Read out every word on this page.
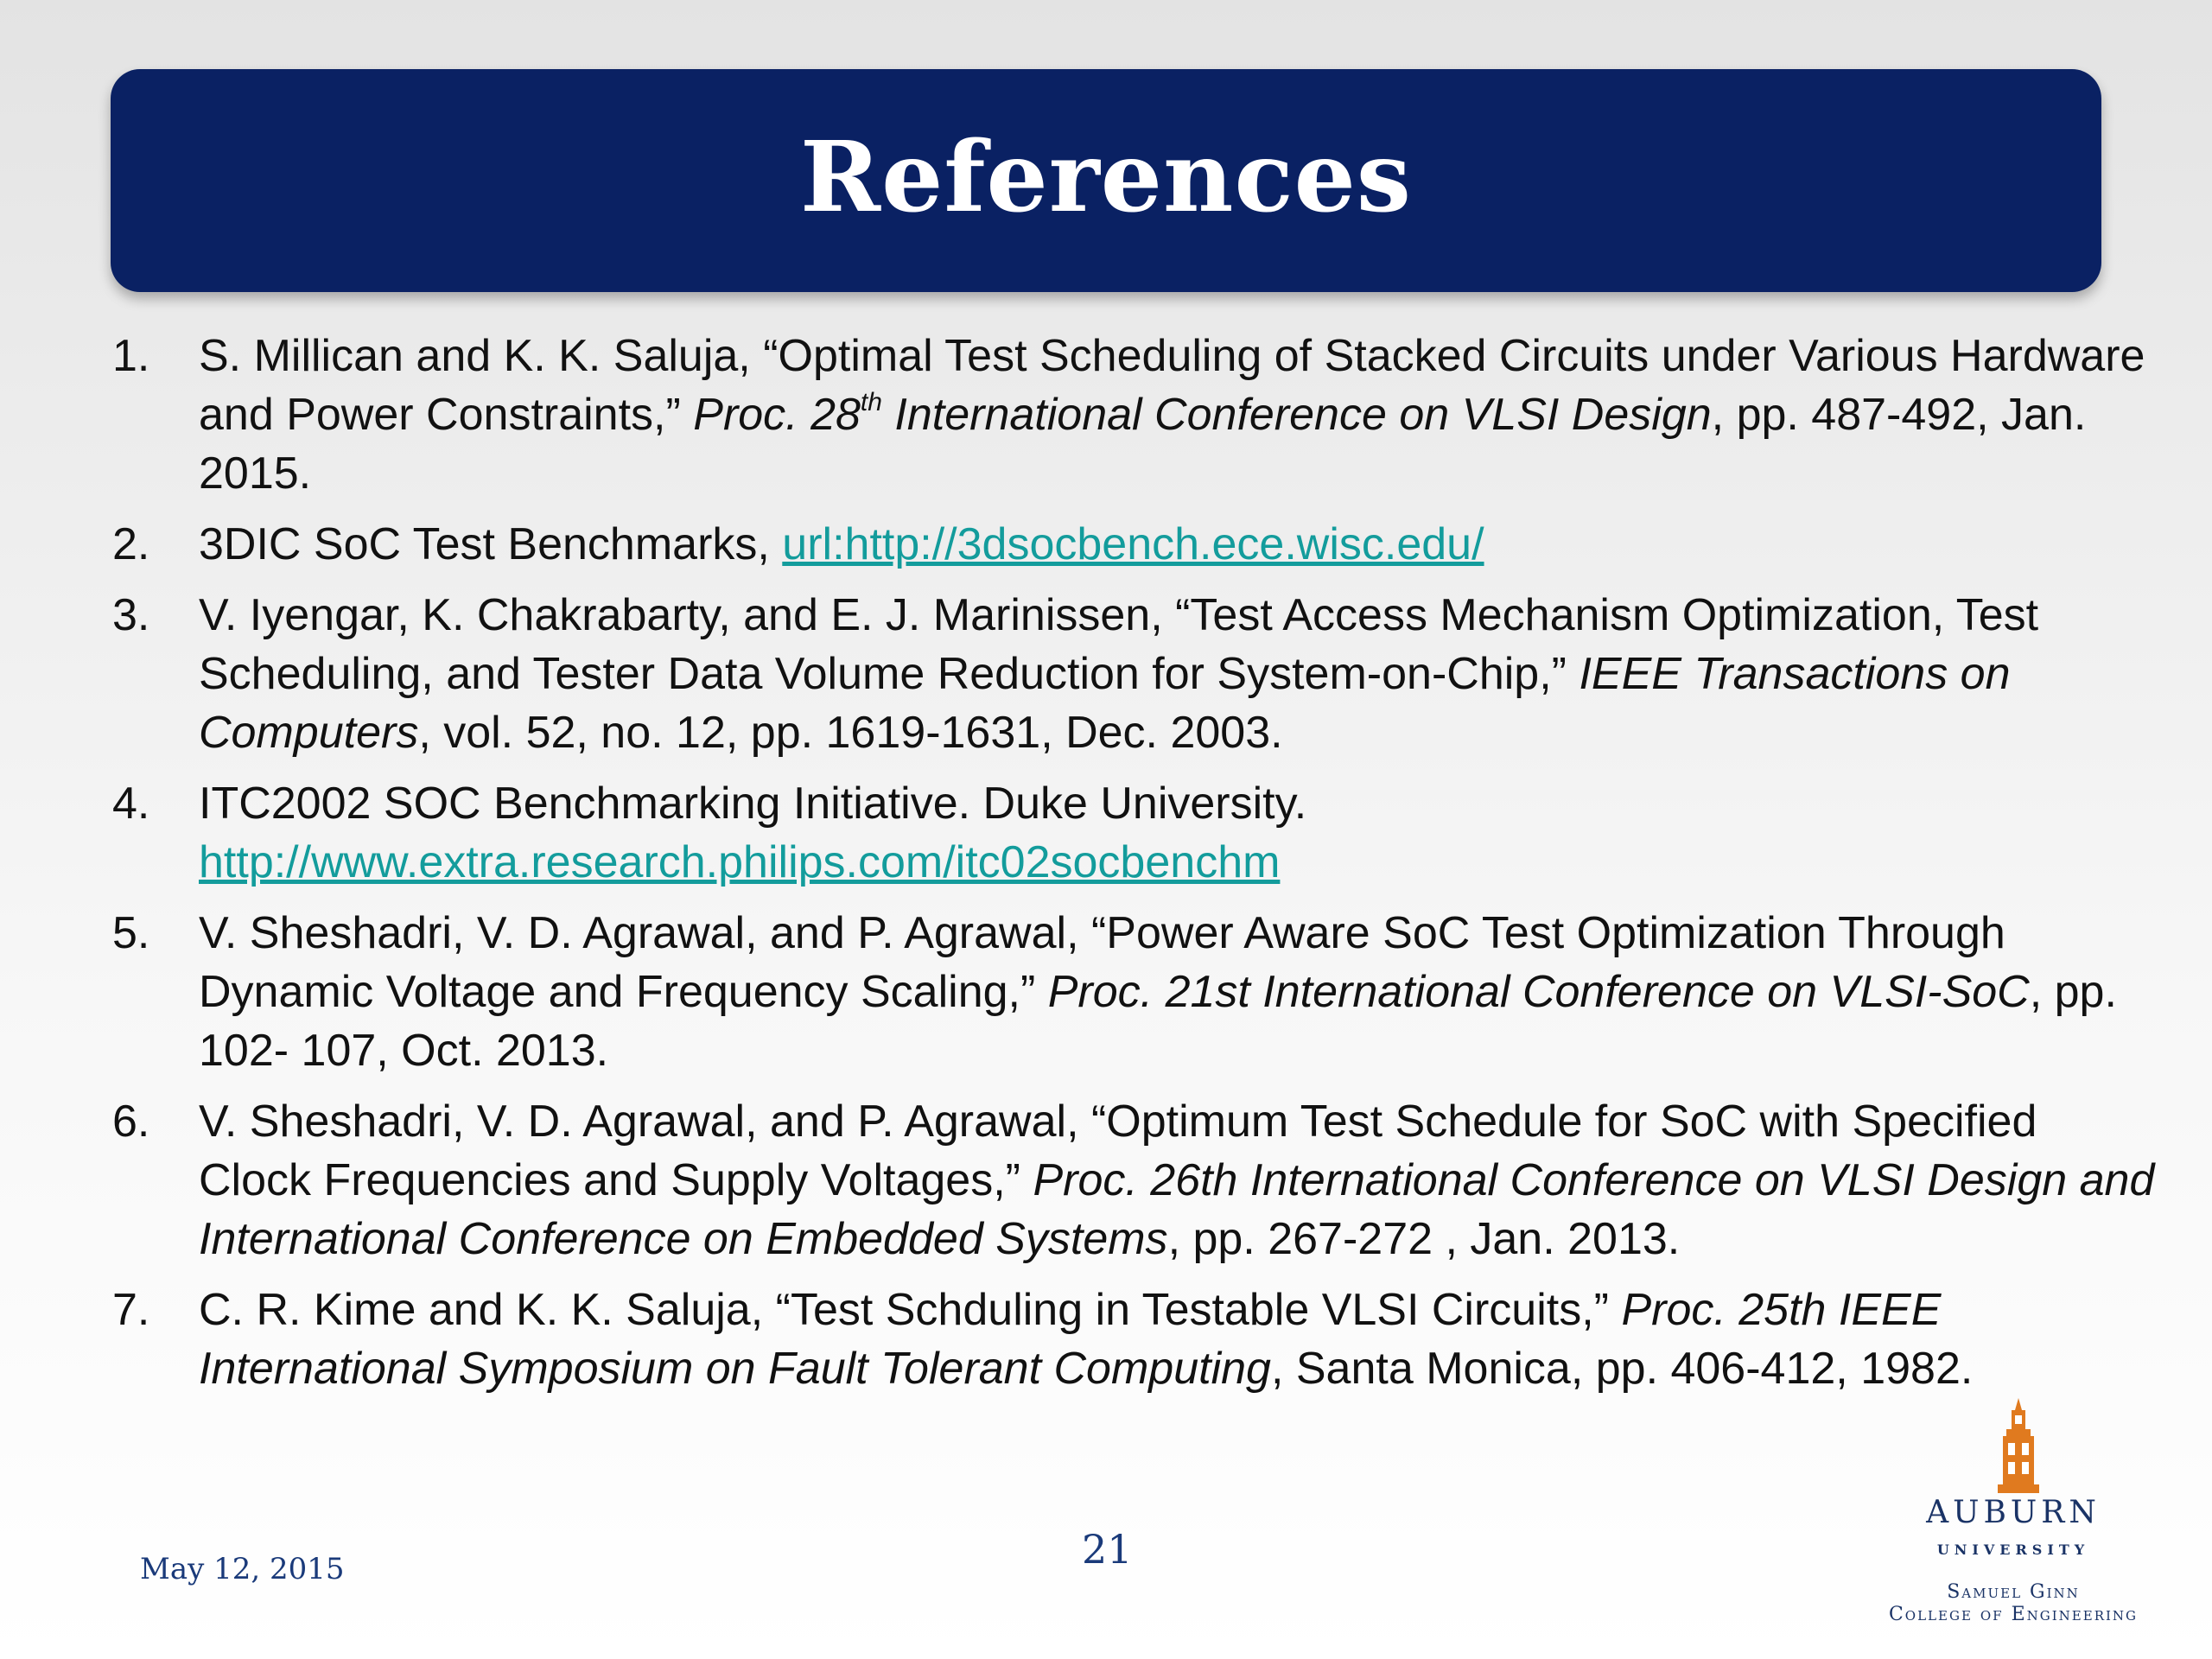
References
1.	S. Millican and K. K. Saluja, “Optimal Test Scheduling of Stacked Circuits under Various Hardware and Power Constraints,” Proc. 28th International Conference on VLSI Design, pp. 487-492, Jan. 2015.
2.	3DIC SoC Test Benchmarks, url:http://3dsocbench.ece.wisc.edu/
3.	V. Iyengar, K. Chakrabarty, and E. J. Marinissen, “Test Access Mechanism Optimization, Test Scheduling, and Tester Data Volume Reduction for System-on-Chip,” IEEE Transactions on Computers, vol. 52, no. 12, pp. 1619-1631, Dec. 2003.
4.	ITC2002 SOC Benchmarking Initiative. Duke University.
http://www.extra.research.philips.com/itc02socbenchm
5.	V. Sheshadri, V. D. Agrawal, and P. Agrawal, “Power Aware SoC Test Optimization Through Dynamic Voltage and Frequency Scaling,” Proc. 21st International Conference on VLSI-SoC, pp. 102- 107, Oct. 2013.
6.	V. Sheshadri, V. D. Agrawal, and P. Agrawal, “Optimum Test Schedule for SoC with Specified Clock Frequencies and Supply Voltages,” Proc. 26th International Conference on VLSI Design and International Conference on Embedded Systems, pp. 267-272 , Jan. 2013.
7.	C. R. Kime and K. K. Saluja, “Test Schduling in Testable VLSI Circuits,” Proc. 25th IEEE International Symposium on Fault Tolerant Computing, Santa Monica, pp. 406-412, 1982.
May 12, 2015	21
AUBURN
UNIVERSITY
Samuel Ginn
College of Engineering
